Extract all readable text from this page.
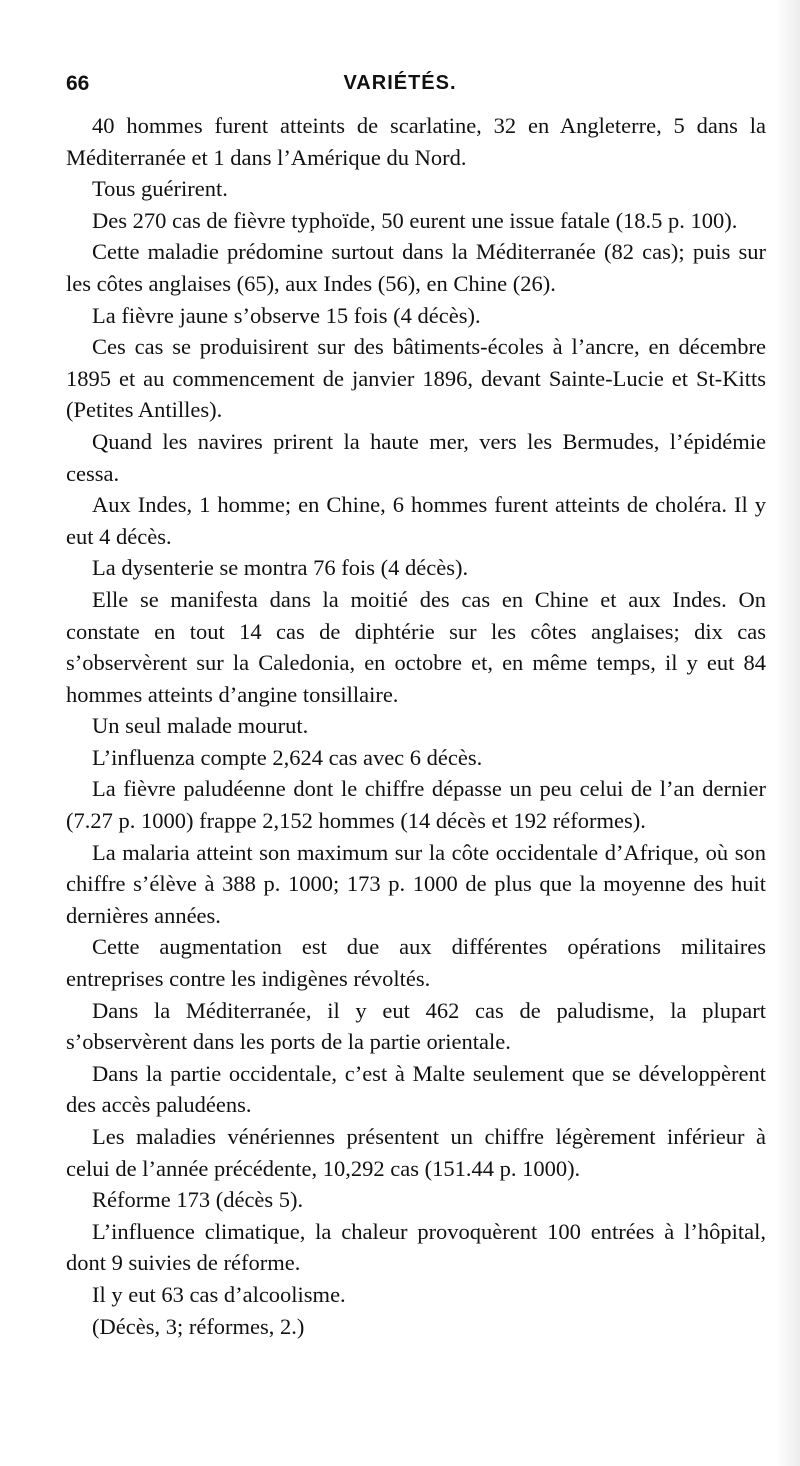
66	VARIÉTÉS.

40 hommes furent atteints de scarlatine, 32 en Angleterre, 5 dans la Méditerranée et 1 dans l’Amérique du Nord.

Tous guérirent.

Des 270 cas de fièvre typhoïde, 50 eurent une issue fatale (18.5 p. 100).

Cette maladie prédomine surtout dans la Méditerranée (82 cas); puis sur les côtes anglaises (65), aux Indes (56), en Chine (26).

La fièvre jaune s’observe 15 fois (4 décès).

Ces cas se produisirent sur des bâtiments-écoles à l’ancre, en décembre 1895 et au commencement de janvier 1896, devant Sainte-Lucie et St-Kitts (Petites Antilles).

Quand les navires prirent la haute mer, vers les Bermudes, l’épidémie cessa.

Aux Indes, 1 homme; en Chine, 6 hommes furent atteints de choléra. Il y eut 4 décès.

La dysenterie se montra 76 fois (4 décès).

Elle se manifesta dans la moitié des cas en Chine et aux Indes. On constate en tout 14 cas de diphtérie sur les côtes anglaises; dix cas s’observèrent sur la Caledonia, en octobre et, en même temps, il y eut 84 hommes atteints d’angine tonsillaire.

Un seul malade mourut.

L’influenza compte 2,624 cas avec 6 décès.

La fièvre paludéenne dont le chiffre dépasse un peu celui de l’an dernier (7.27 p. 1000) frappe 2,152 hommes (14 décès et 192 réformes).

La malaria atteint son maximum sur la côte occidentale d’Afrique, où son chiffre s’élève à 388 p. 1000; 173 p. 1000 de plus que la moyenne des huit dernières années.

Cette augmentation est due aux différentes opérations militaires entreprises contre les indigènes révoltés.

Dans la Méditerranée, il y eut 462 cas de paludisme, la plupart s’observèrent dans les ports de la partie orientale.

Dans la partie occidentale, c’est à Malte seulement que se développèrent des accès paludéens.

Les maladies vénériennes présentent un chiffre légèrement inférieur à celui de l’année précédente, 10,292 cas (151.44 p. 1000).

Réforme 173 (décès 5).

L’influence climatique, la chaleur provoquèrent 100 entrées à l’hôpital, dont 9 suivies de réforme.

Il y eut 63 cas d’alcoolisme.

(Décès, 3; réformes, 2.)
